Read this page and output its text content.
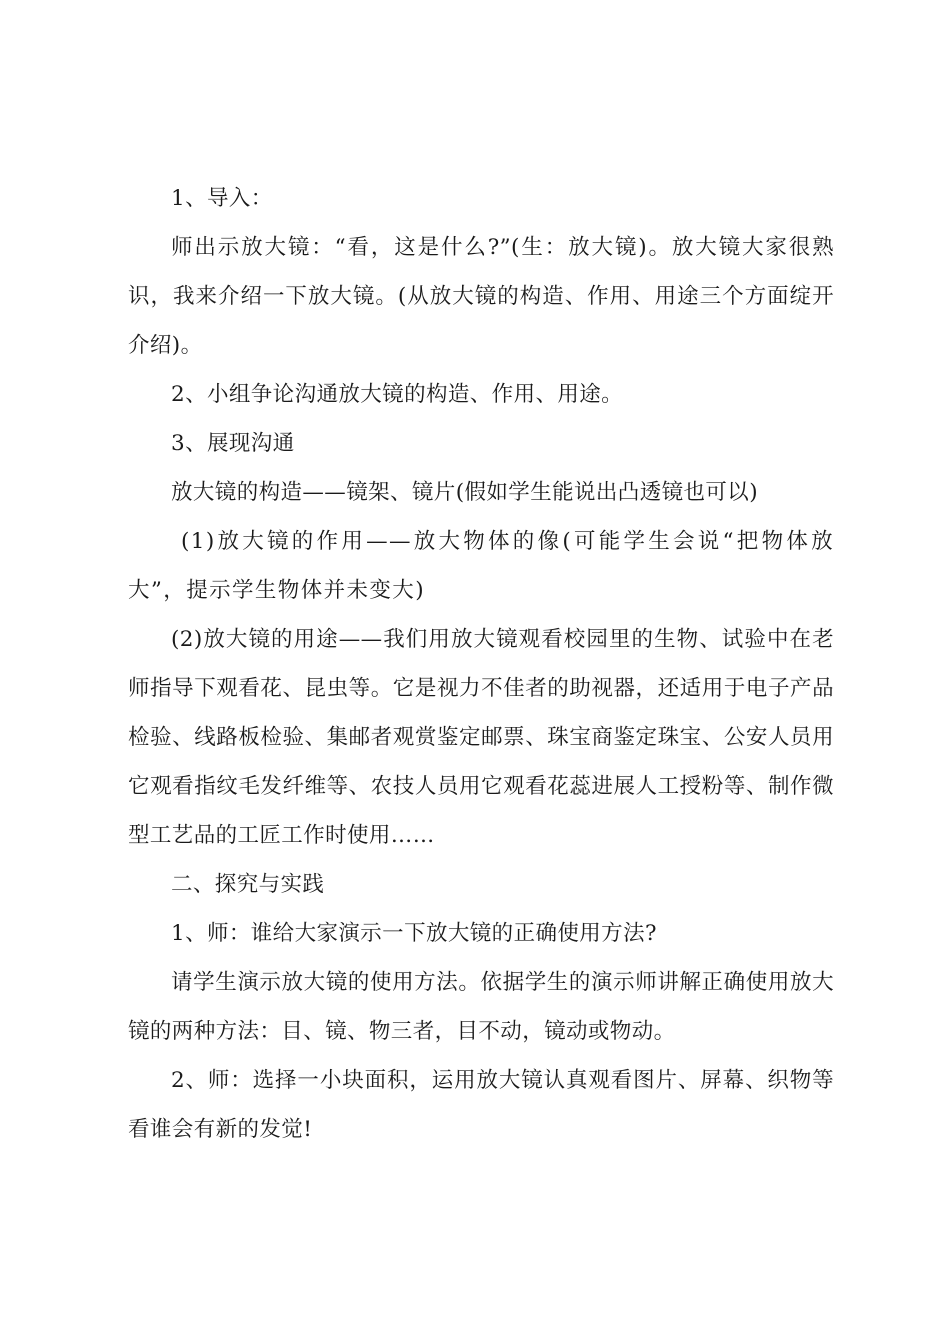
1、导入：

师出示放大镜：“看，这是什么?”(生：放大镜)。放大镜大家很熟识，我来介绍一下放大镜。(从放大镜的构造、作用、用途三个方面绽开介绍)。

2、小组争论沟通放大镜的构造、作用、用途。

3、展现沟通

放大镜的构造——镜架、镜片(假如学生能说出凸透镜也可以)

(1)放大镜的作用——放大物体的像(可能学生会说“把物体放大”，提示学生物体并未变大)

(2)放大镜的用途——我们用放大镜观看校园里的生物、试验中在老师指导下观看花、昆虫等。它是视力不佳者的助视器，还适用于电子产品检验、线路板检验、集邮者观赏鉴定邮票、珠宝商鉴定珠宝、公安人员用它观看指纹毛发纤维等、农技人员用它观看花蕊进展人工授粉等、制作微型工艺品的工匠工作时使用……

二、探究与实践

1、师：谁给大家演示一下放大镜的正确使用方法?

请学生演示放大镜的使用方法。依据学生的演示师讲解正确使用放大镜的两种方法：目、镜、物三者，目不动，镜动或物动。

2、师：选择一小块面积，运用放大镜认真观看图片、屏幕、织物等看谁会有新的发觉!
